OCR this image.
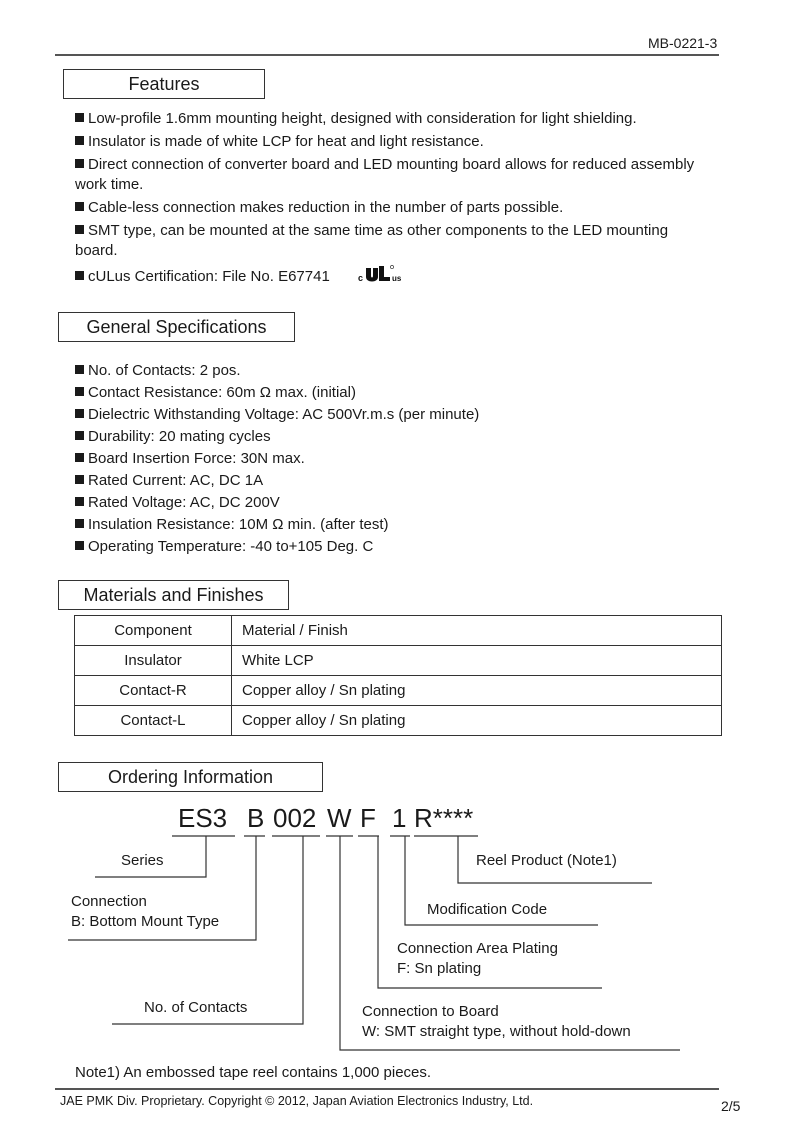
MB-0221-3
Features
Low-profile 1.6mm mounting height, designed with consideration for light shielding.
Insulator is made of white LCP for heat and light resistance.
Direct connection of converter board and LED mounting board allows for reduced assembly work time.
Cable-less connection makes reduction in the number of parts possible.
SMT type, can be mounted at the same time as other components to the LED mounting board.
cULus Certification: File No. E67741	c	us
General Specifications
No. of Contacts: 2 pos.
Contact Resistance: 60m Ω max. (initial)
Dielectric Withstanding Voltage: AC 500Vr.m.s (per minute)
Durability: 20 mating cycles
Board Insertion Force: 30N max.
Rated Current: AC, DC 1A
Rated Voltage: AC, DC 200V
Insulation Resistance: 10M Ω min. (after test)
Operating Temperature: -40 to+105 Deg. C
Materials and Finishes
Component	Material / Finish
Insulator	White LCP
Contact-R	Copper alloy / Sn plating
Contact-L	Copper alloy / Sn plating
Ordering Information
ES3 B 002 W F 1 R****
Series
Connection
B: Bottom Mount Type
No. of Contacts	Connection to Board
W: SMT straight type, without hold-down
Connection Area Plating
F: Sn plating
Modification Code
Reel Product (Note1)
Note1) An embossed tape reel contains 1,000 pieces.
JAE PMK Div. Proprietary. Copyright © 2012, Japan Aviation Electronics Industry, Ltd.	2/5
